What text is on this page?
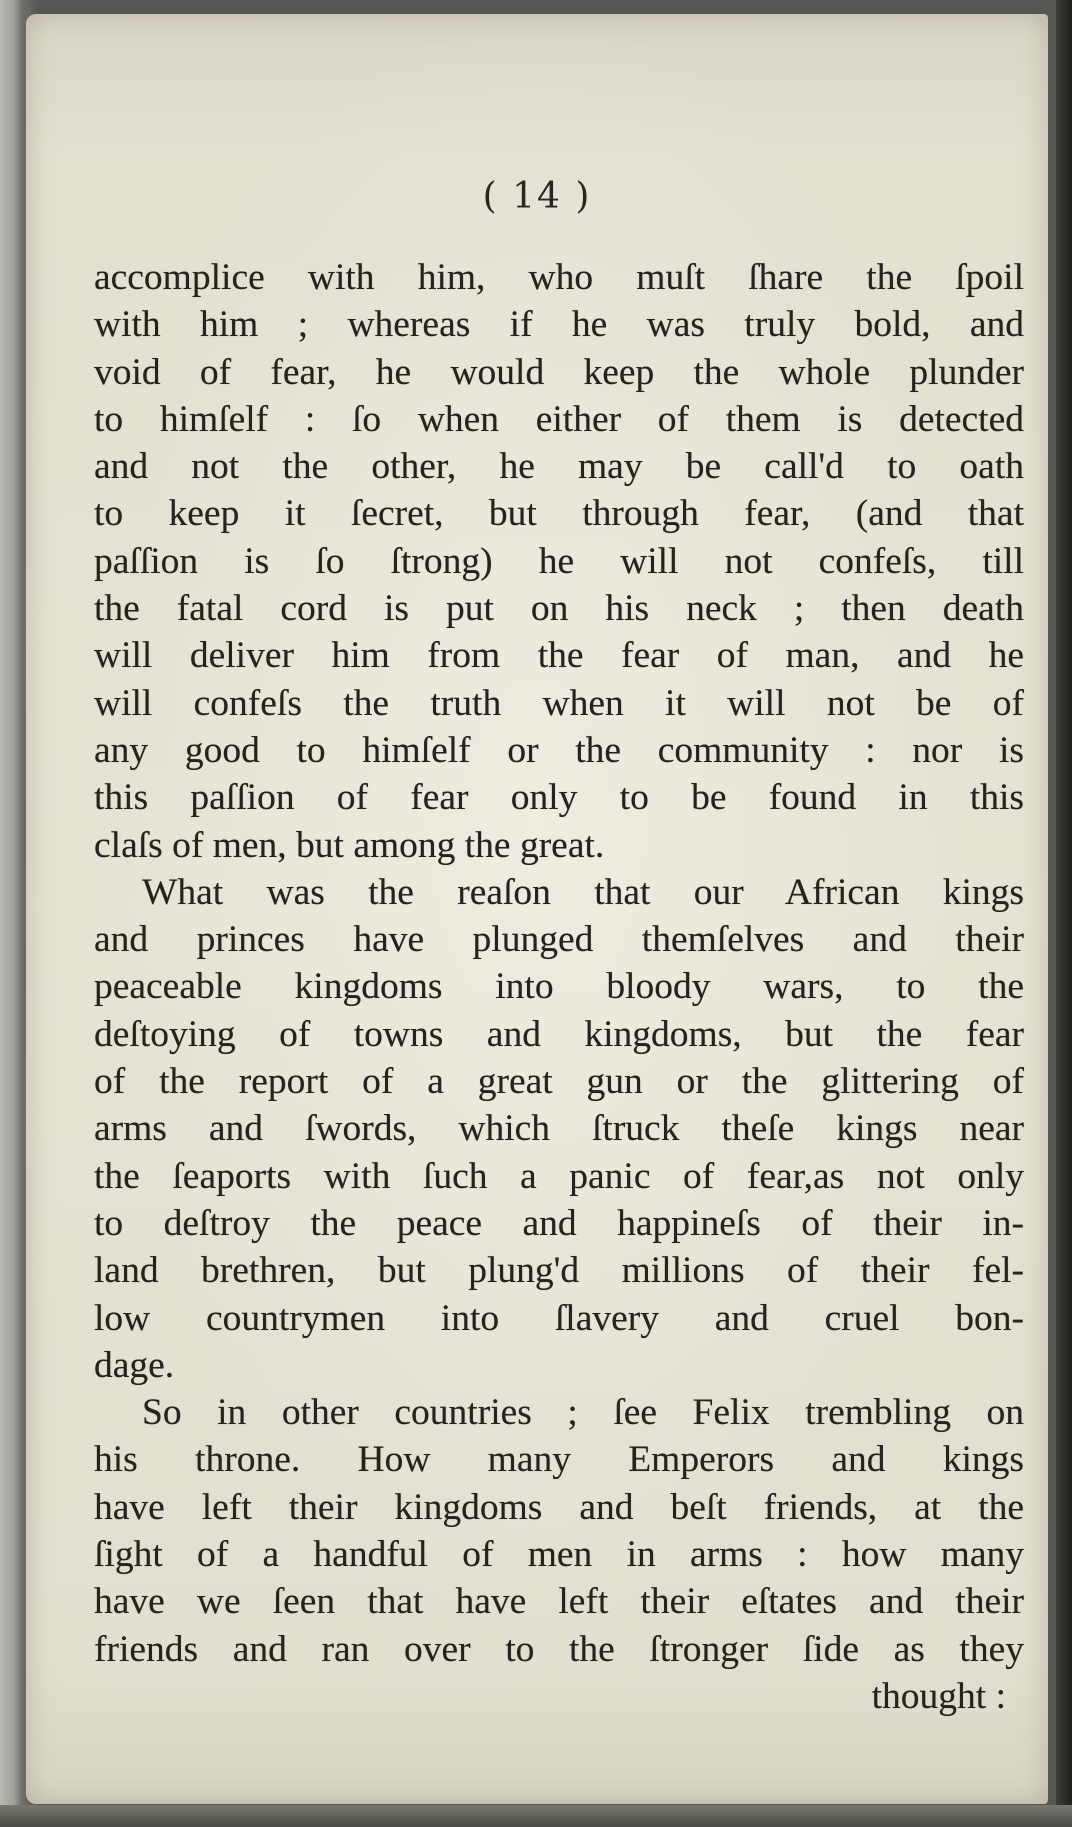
( 14 )
accomplice with him, who muſt ſhare the ſpoil
with him ; whereas if he was truly bold, and
void of fear, he would keep the whole plunder
to himſelf : ſo when either of them is detected
and not the other, he may be call'd to oath
to keep it ſecret, but through fear, (and that
paſſion is ſo ſtrong) he will not confeſs, till
the fatal cord is put on his neck ; then death
will deliver him from the fear of man, and he
will confeſs the truth when it will not be of
any good to himſelf or the community : nor is
this paſſion of fear only to be found in this
claſs of men, but among the great.
What was the reaſon that our African kings
and princes have plunged themſelves and their
peaceable kingdoms into bloody wars, to the
deſtoying of towns and kingdoms, but the fear
of the report of a great gun or the glittering of
arms and ſwords, which ſtruck theſe kings near
the ſeaports with ſuch a panic of fear,as not only
to deſtroy the peace and happineſs of their in-
land brethren, but plung'd millions of their fel-
low countrymen into ſlavery and cruel bon-
dage.
So in other countries ; ſee Felix trembling on
his throne. How many Emperors and kings
have left their kingdoms and beſt friends, at the
ſight of a handful of men in arms : how many
have we ſeen that have left their eſtates and their
friends and ran over to the ſtronger ſide as they
thought :
